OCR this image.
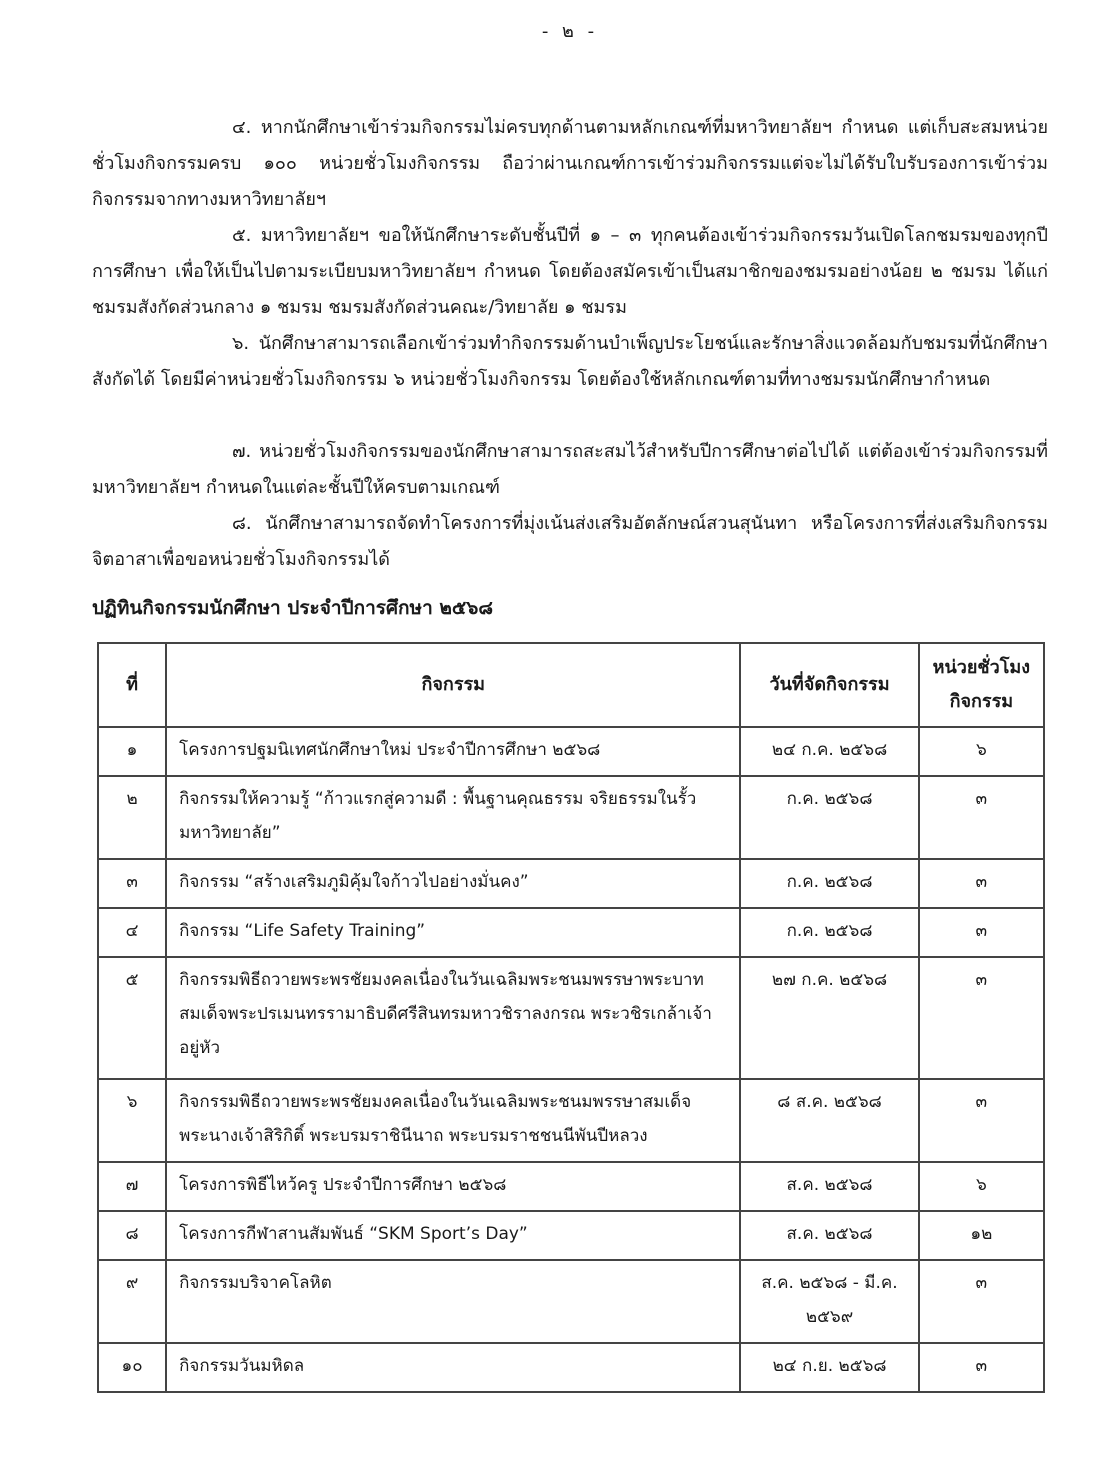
- ๒ -
๔. หากนักศึกษาเข้าร่วมกิจกรรมไม่ครบทุกด้านตามหลักเกณฑ์ที่มหาวิทยาลัยฯ กำหนด แต่เก็บสะสมหน่วยชั่วโมงกิจกรรมครบ ๑๐๐ หน่วยชั่วโมงกิจกรรม ถือว่าผ่านเกณฑ์การเข้าร่วมกิจกรรมแต่จะไม่ได้รับใบรับรองการเข้าร่วมกิจกรรมจากทางมหาวิทยาลัยฯ
๕. มหาวิทยาลัยฯ ขอให้นักศึกษาระดับชั้นปีที่ ๑ – ๓ ทุกคนต้องเข้าร่วมกิจกรรมวันเปิดโลกชมรมของทุกปีการศึกษา เพื่อให้เป็นไปตามระเบียบมหาวิทยาลัยฯ กำหนด โดยต้องสมัครเข้าเป็นสมาชิกของชมรมอย่างน้อย ๒ ชมรม ได้แก่ ชมรมสังกัดส่วนกลาง ๑ ชมรม ชมรมสังกัดส่วนคณะ/วิทยาลัย ๑ ชมรม
๖. นักศึกษาสามารถเลือกเข้าร่วมทำกิจกรรมด้านบำเพ็ญประโยชน์และรักษาสิ่งแวดล้อมกับชมรมที่นักศึกษาสังกัดได้ โดยมีค่าหน่วยชั่วโมงกิจกรรม ๖ หน่วยชั่วโมงกิจกรรม โดยต้องใช้หลักเกณฑ์ตามที่ทางชมรมนักศึกษากำหนด
๗. หน่วยชั่วโมงกิจกรรมของนักศึกษาสามารถสะสมไว้สำหรับปีการศึกษาต่อไปได้ แต่ต้องเข้าร่วมกิจกรรมที่มหาวิทยาลัยฯ กำหนดในแต่ละชั้นปีให้ครบตามเกณฑ์
๘. นักศึกษาสามารถจัดทำโครงการที่มุ่งเน้นส่งเสริมอัตลักษณ์สวนสุนันทา หรือโครงการที่ส่งเสริมกิจกรรมจิตอาสาเพื่อขอหน่วยชั่วโมงกิจกรรมได้
ปฏิทินกิจกรรมนักศึกษา ประจำปีการศึกษา ๒๕๖๘
ที่	กิจกรรม	วันที่จัดกิจกรรม	หน่วยชั่วโมงกิจกรรม
๑	โครงการปฐมนิเทศนักศึกษาใหม่ ประจำปีการศึกษา ๒๕๖๘	๒๔ ก.ค. ๒๕๖๘	๖
๒	กิจกรรมให้ความรู้ “ก้าวแรกสู่ความดี : พื้นฐานคุณธรรม จริยธรรมในรั้วมหาวิทยาลัย”	ก.ค. ๒๕๖๘	๓
๓	กิจกรรม “สร้างเสริมภูมิคุ้มใจก้าวไปอย่างมั่นคง”	ก.ค. ๒๕๖๘	๓
๔	กิจกรรม “Life Safety Training”	ก.ค. ๒๕๖๘	๓
๕	กิจกรรมพิธีถวายพระพรชัยมงคลเนื่องในวันเฉลิมพระชนมพรรษาพระบาทสมเด็จพระปรเมนทรรามาธิบดีศรีสินทรมหาวชิราลงกรณ พระวชิรเกล้าเจ้าอยู่หัว	๒๗ ก.ค. ๒๕๖๘	๓
๖	กิจกรรมพิธีถวายพระพรชัยมงคลเนื่องในวันเฉลิมพระชนมพรรษาสมเด็จพระนางเจ้าสิริกิติ์ พระบรมราชินีนาถ พระบรมราชชนนีพันปีหลวง	๘ ส.ค. ๒๕๖๘	๓
๗	โครงการพิธีไหว้ครู ประจำปีการศึกษา ๒๕๖๘	ส.ค. ๒๕๖๘	๖
๘	โครงการกีฬาสานสัมพันธ์ “SKM Sport’s Day”	ส.ค. ๒๕๖๘	๑๒
๙	กิจกรรมบริจาคโลหิต	ส.ค. ๒๕๖๘ - มี.ค. ๒๕๖๙	๓
๑๐	กิจกรรมวันมหิดล	๒๔ ก.ย. ๒๕๖๘	๓
